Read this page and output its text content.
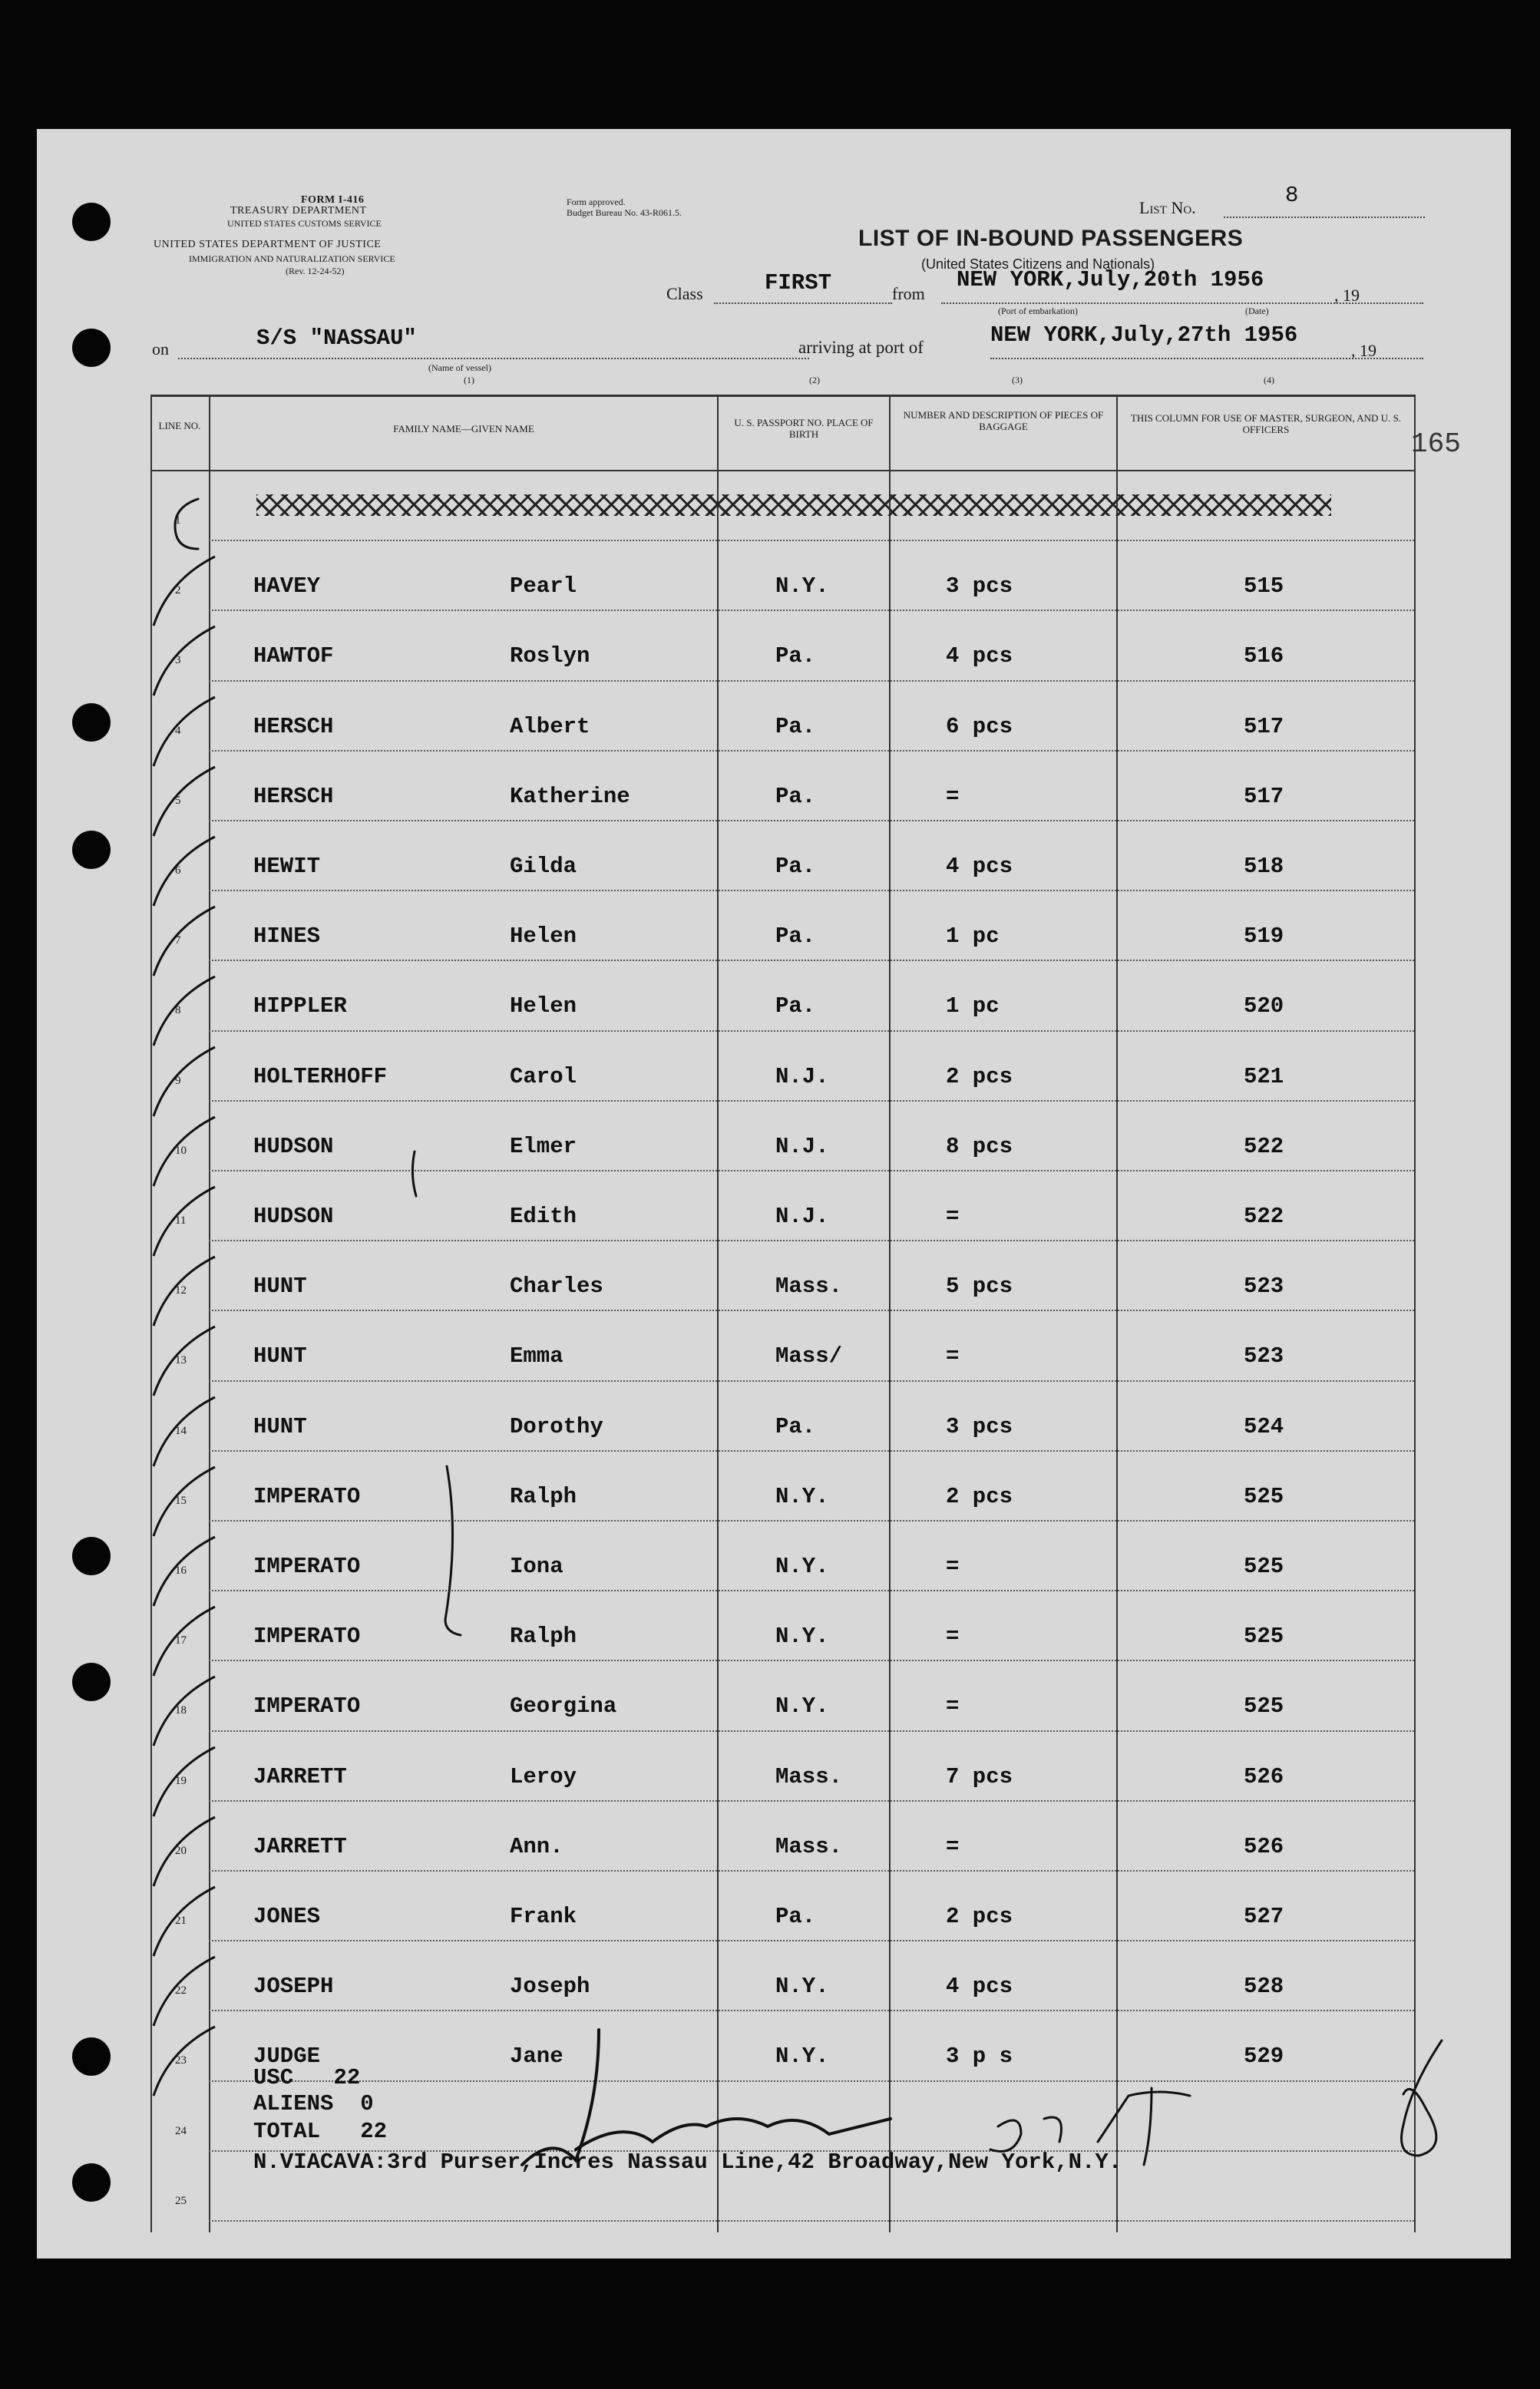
FORM I-416
TREASURY DEPARTMENT
UNITED STATES CUSTOMS SERVICE
UNITED STATES DEPARTMENT OF JUSTICE
IMMIGRATION AND NATURALIZATION SERVICE
(Rev. 12-24-52)
Form approved.
Budget Bureau No. 43-R061.5.	List No.	8
LIST OF IN-BOUND PASSENGERS
(United States Citizens and Nationals)
Class	FIRST	from
NEW YORK,July,20th 1956
, 19
(Port of embarkation)	(Date)
on	S/S "NASSAU"	arriving at port of	NEW YORK,July,27th 1956
, 19
(Name of vessel)
(1)	(2)	(3)	(4)
165
LINE NO.	FAMILY NAME—GIVEN NAME
U. S. PASSPORT NO. PLACE OF BIRTH
NUMBER AND DESCRIPTION OF PIECES OF BAGGAGE
THIS COLUMN FOR USE OF MASTER, SURGEON, AND U. S. OFFICERS
1
2	HAVEY	Pearl	N.Y.	3 pcs	515
3	HAWTOF	Roslyn	Pa.	4 pcs	516
4	HERSCH	Albert	Pa.	6 pcs	517
5	HERSCH	Katherine	Pa.	=	517
6	HEWIT	Gilda	Pa.	4 pcs	518
7	HINES	Helen	Pa.	1 pc	519
8	HIPPLER	Helen	Pa.	1 pc	520
9	HOLTERHOFF	Carol	N.J.	2 pcs	521
10	HUDSON	Elmer	N.J.	8 pcs	522
11	HUDSON	Edith	N.J.	=	522
12	HUNT	Charles	Mass.	5 pcs	523
13	HUNT	Emma	Mass/	=	523
14	HUNT	Dorothy	Pa.	3 pcs	524
15	IMPERATO	Ralph	N.Y.	2 pcs	525
16	IMPERATO	Iona	N.Y.	=	525
17	IMPERATO	Ralph	N.Y.	=	525
18	IMPERATO	Georgina	N.Y.	=	525
19	JARRETT	Leroy	Mass.	7 pcs	526
20	JARRETT	Ann.	Mass.	=	526
21	JONES	Frank	Pa.	2 pcs	527
22	JOSEPH	Joseph	N.Y.	4 pcs	528
23	JUDGE	Jane	N.Y.	3 p s	529
24
25
USC 22
ALIENS 0
TOTAL 22
N.VIACAVA:3rd Purser,Incres Nassau Line,42 Broadway,New York,N.Y.
